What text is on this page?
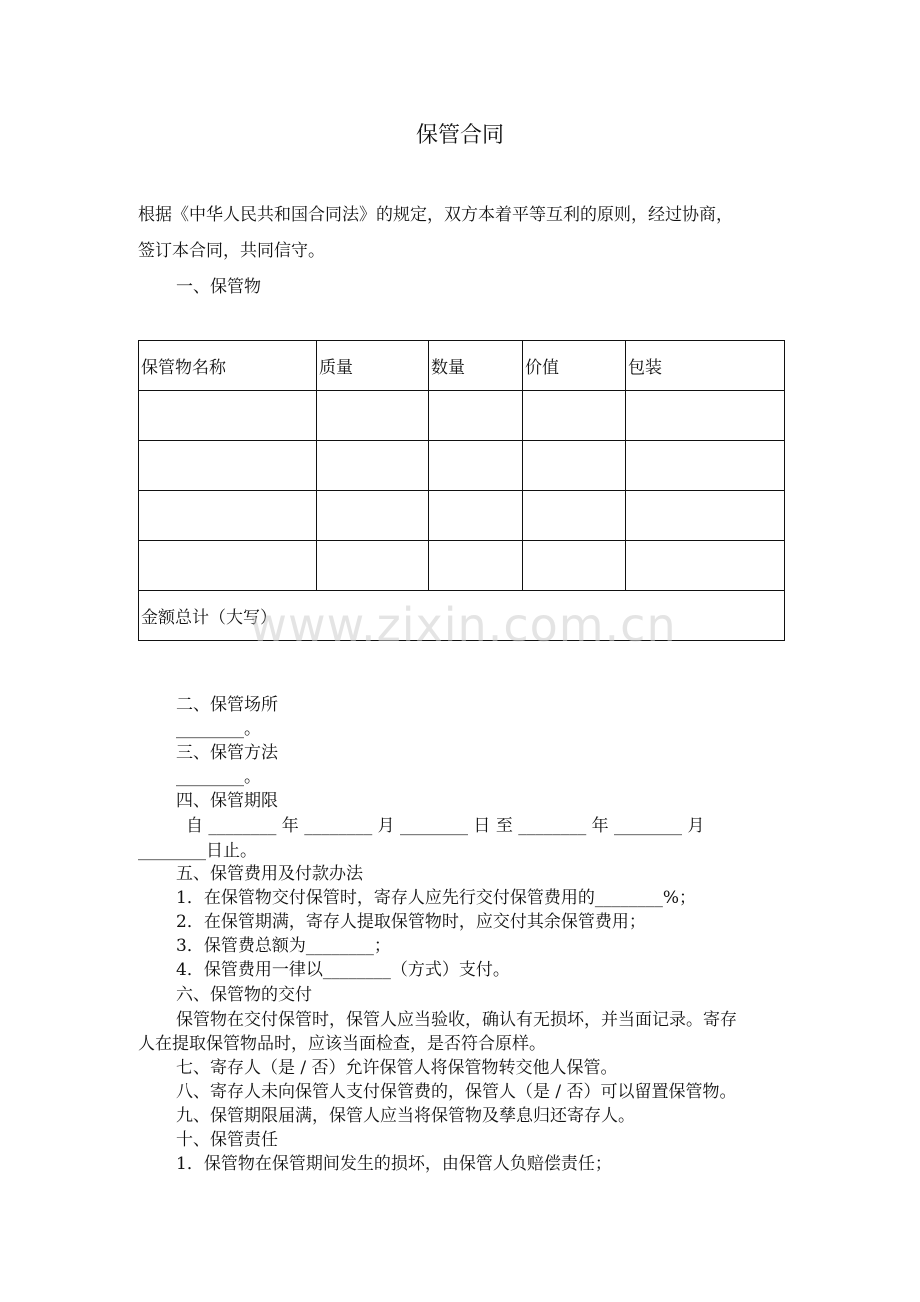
保管合同
根据《中华人民共和国合同法》的规定，双方本着平等互利的原则，经过协商，
签订本合同，共同信守。
一、保管物
保管物名称	质量	数量	价值	包装

金额总计（大写）				
www.zixin.com.cn
二、保管场所
________。
三、保管方法
________。
四、保管期限
自 ________ 年 ________ 月 ________ 日 至 ________ 年 ________ 月
________日止。
五、保管费用及付款办法
1．在保管物交付保管时，寄存人应先行交付保管费用的________%；
2．在保管期满，寄存人提取保管物时，应交付其余保管费用；
3．保管费总额为________；
4．保管费用一律以________（方式）支付。
六、保管物的交付
保管物在交付保管时，保管人应当验收，确认有无损坏，并当面记录。寄存
人在提取保管物品时，应该当面检查，是否符合原样。
七、寄存人（是 / 否）允许保管人将保管物转交他人保管。
八、寄存人未向保管人支付保管费的，保管人（是 / 否）可以留置保管物。
九、保管期限届满，保管人应当将保管物及孳息归还寄存人。
十、保管责任
1．保管物在保管期间发生的损坏，由保管人负赔偿责任；
